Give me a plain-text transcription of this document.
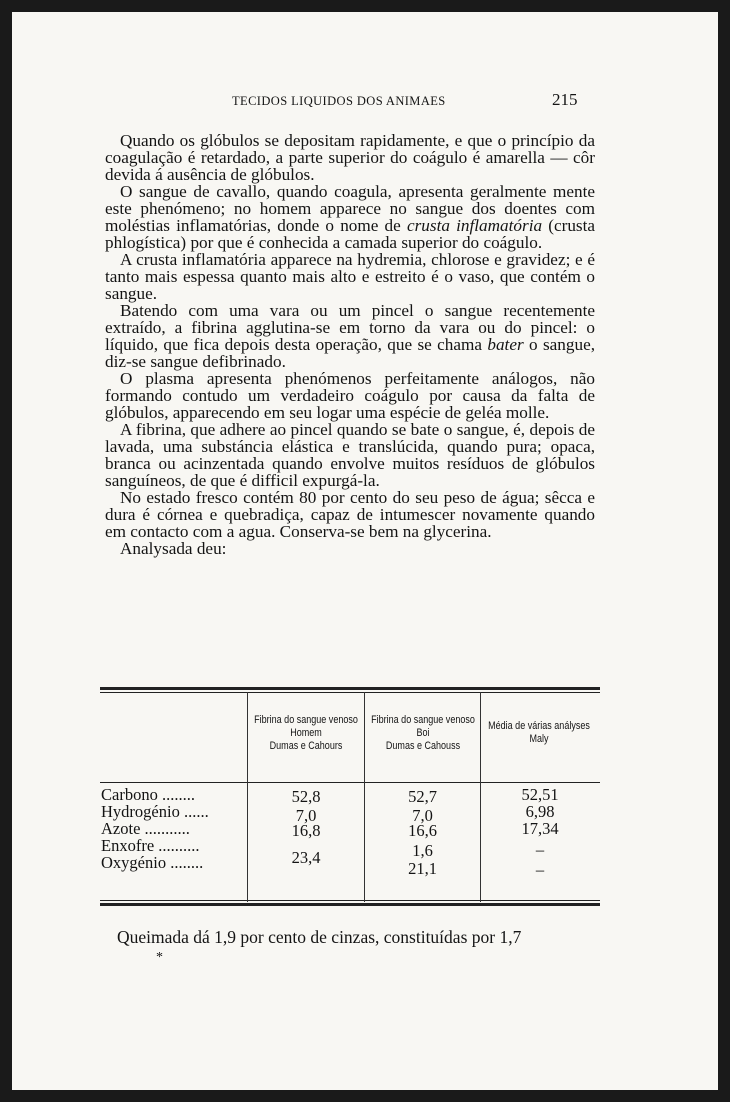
TECIDOS LIQUIDOS DOS ANIMAES	215

Quando os glóbulos se depositam rapidamente, e que o princípio da coagulação é retardado, a parte superior do coágulo é amarella — côr devida á ausência de glóbulos.

O sangue de cavallo, quando coagula, apresenta geralmente mente este phenómeno; no homem apparece no sangue dos doentes com moléstias inflamatórias, donde o nome de crusta inflamatória (crusta phlogística) por que é conhecida a camada superior do coágulo.

A crusta inflamatória apparece na hydremia, chlorose e gravidez; e é tanto mais espessa quanto mais alto e estreito é o vaso, que contém o sangue.

Batendo com uma vara ou um pincel o sangue recentemente extraído, a fibrina agglutina-se em torno da vara ou do pincel: o líquido, que fica depois desta operação, que se chama bater o sangue, diz-se sangue defibrinado.

O plasma apresenta phenómenos perfeitamente análogos, não formando contudo um verdadeiro coágulo por causa da falta de glóbulos, apparecendo em seu logar uma espécie de geléa molle.

A fibrina, que adhere ao pincel quando se bate o sangue, é, depois de lavada, uma substáncia elástica e translúcida, quando pura; opaca, branca ou acinzentada quando envolve muitos resíduos de glóbulos sanguíneos, de que é difficil expurgá-la.

No estado fresco contém 80 por cento do seu peso de água; sêcca e dura é córnea e quebradiça, capaz de intumescer novamente quando em contacto com a agua. Conserva-se bem na glycerina.

Analysada deu:

Fibrina do sangue venoso
Homem
Dumas e Cahours
Fibrina do sangue venoso
Boi
Dumas e Cahouss
Média de várias anályses
Maly
Carbono ........
Hydrogénio ......
Azote ...........
Enxofre ..........
Oxygénio ........
52,8
7,0
16,8
23,4
52,7
7,0
16,6
1,6
21,1
52,51
6,98
17,34
–
–
Queimada dá 1,9 por cento de cinzas, constituídas por 1,7
*
